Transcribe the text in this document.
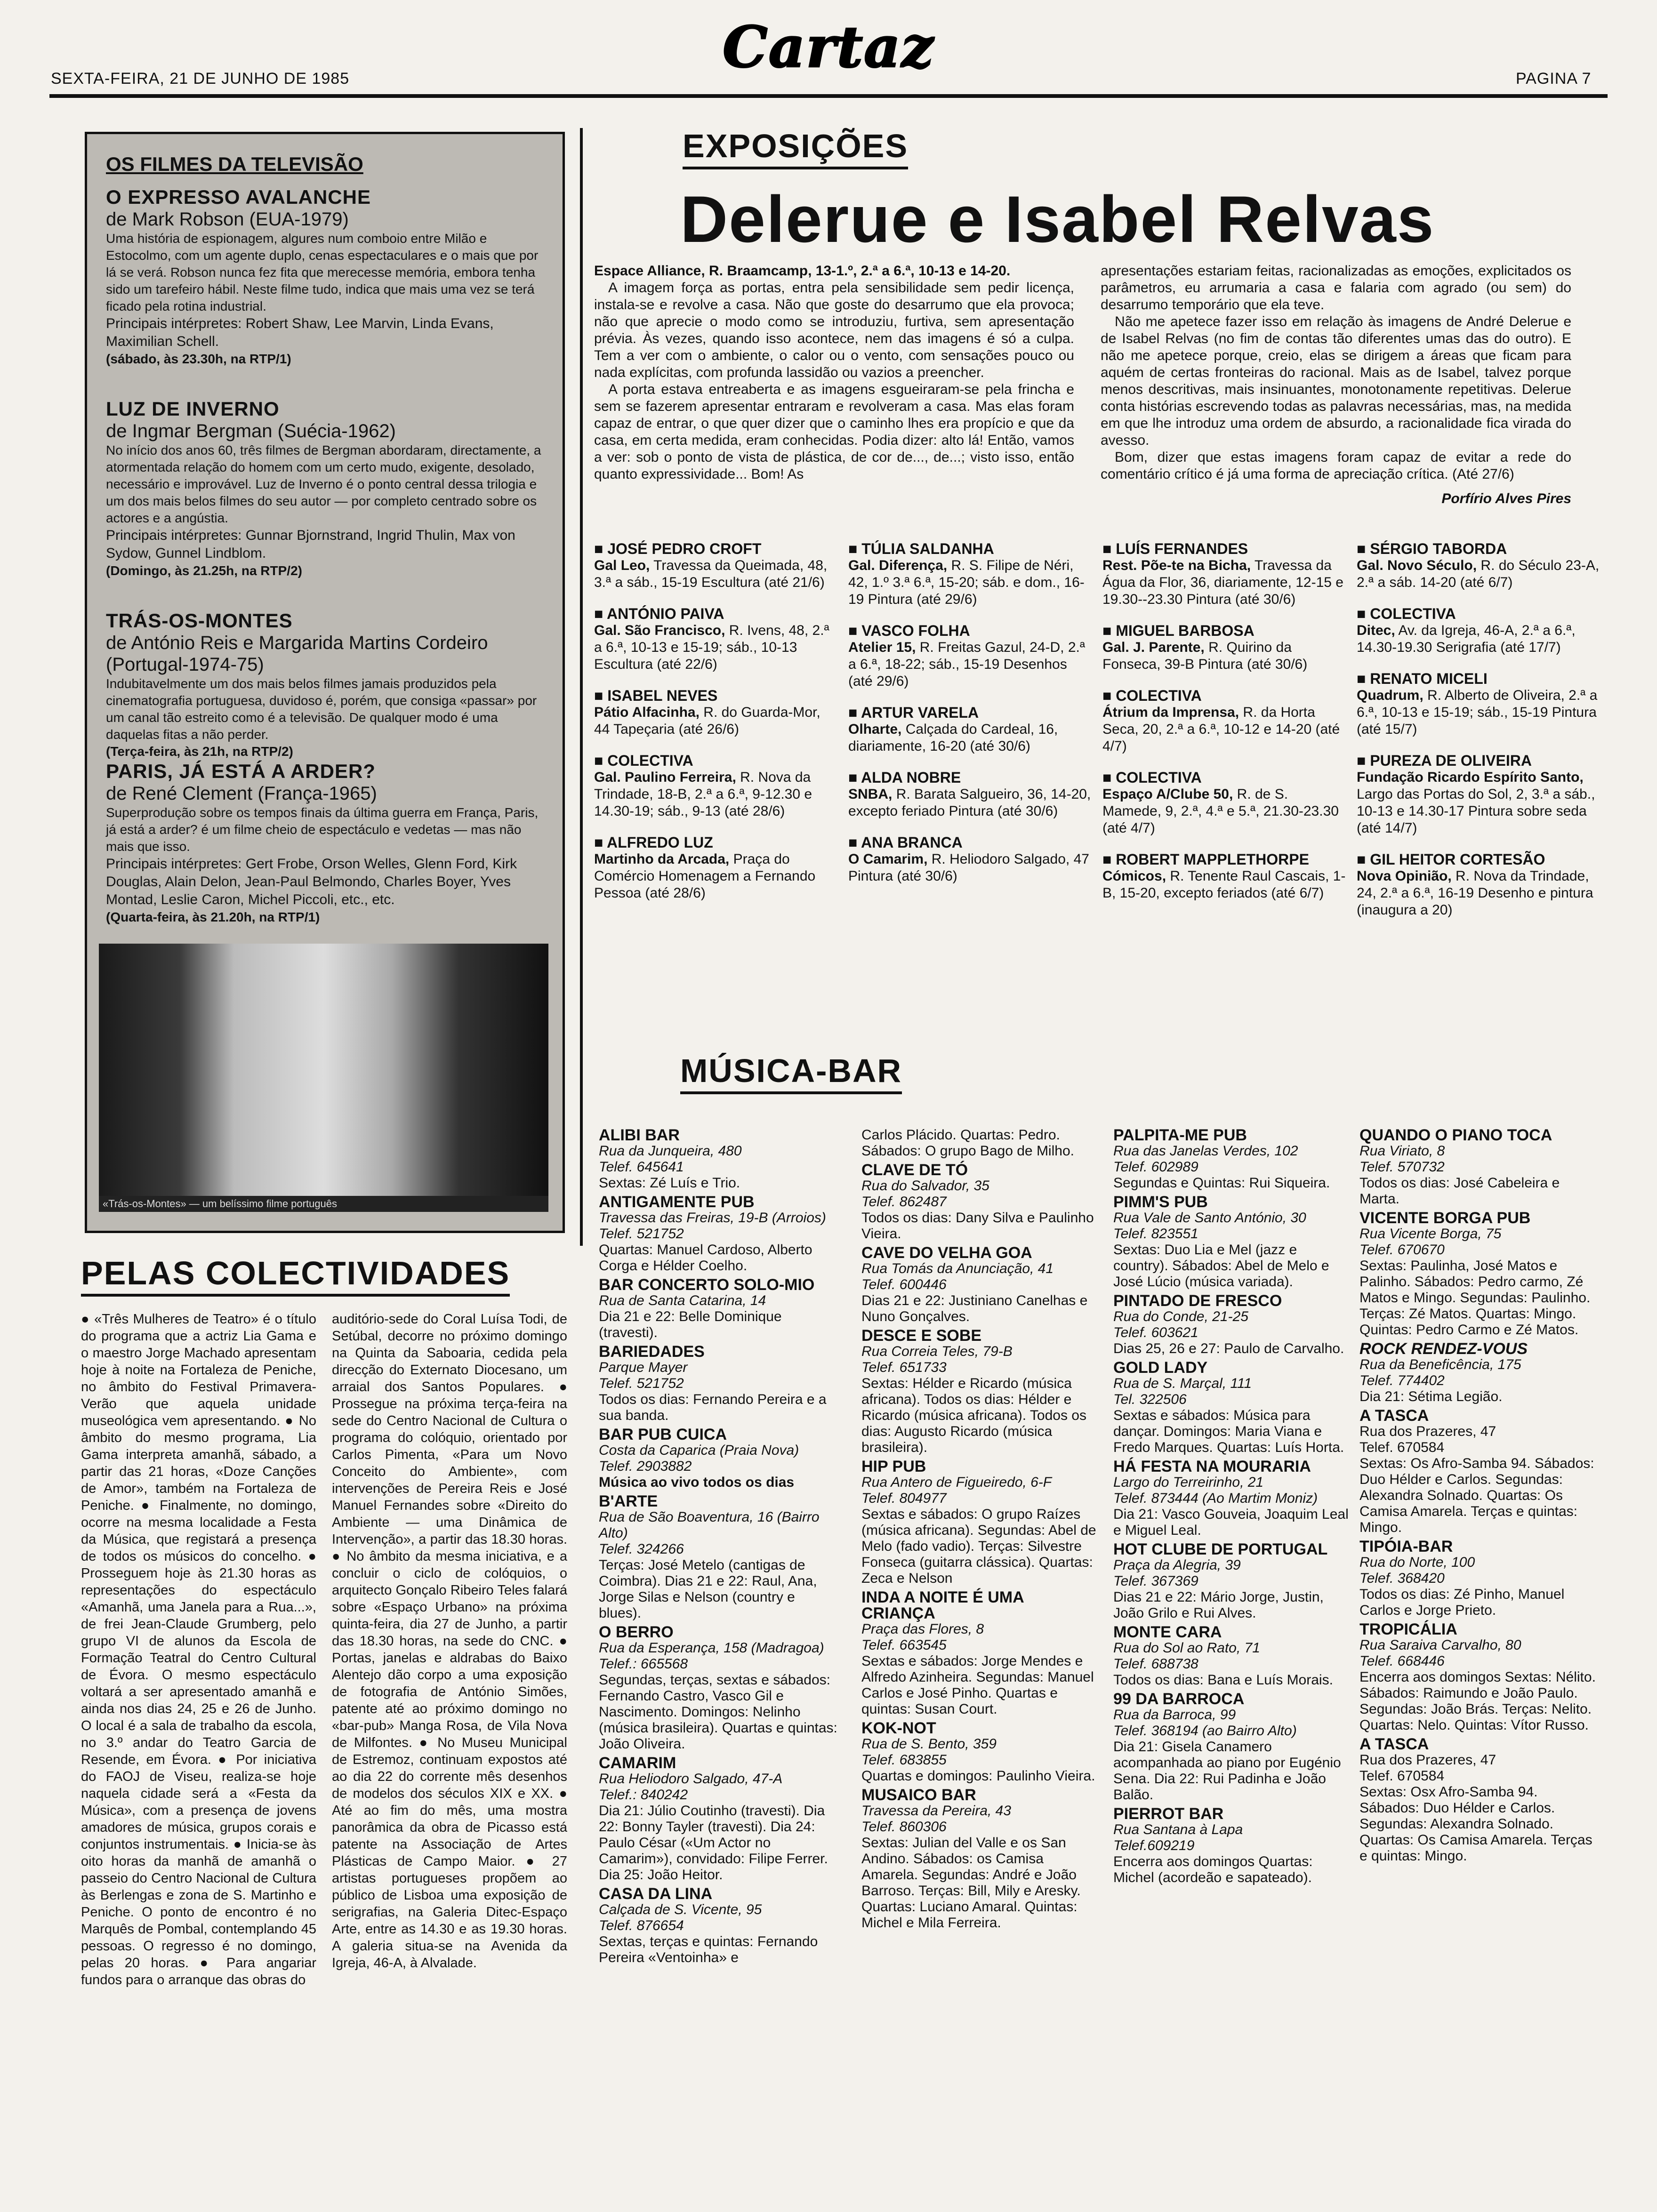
SEXTA-FEIRA, 21 DE JUNHO DE 1985	Cartaz	PAGINA 7
OS FILMES DA TELEVISÃO
O EXPRESSO AVALANCHE
de Mark Robson (EUA-1979)

Uma história de espionagem, algures num comboio entre Milão e Estocolmo, com um agente duplo, cenas espectaculares e o mais que por lá se verá. Robson nunca fez fita que merecesse memória, embora tenha sido um tarefeiro hábil. Neste filme tudo, indica que mais uma vez se terá ficado pela rotina industrial.

Principais intérpretes: Robert Shaw, Lee Marvin, Linda Evans, Maximilian Schell.

(sábado, às 23.30h, na RTP/1)

LUZ DE INVERNO
de Ingmar Bergman (Suécia-1962)

No início dos anos 60, três filmes de Bergman abordaram, directamente, a atormentada relação do homem com um certo mudo, exigente, desolado, necessário e improvável. Luz de Inverno é o ponto central dessa trilogia e um dos mais belos filmes do seu autor — por completo centrado sobre os actores e a angústia.

Principais intérpretes: Gunnar Bjornstrand, Ingrid Thulin, Max von Sydow, Gunnel Lindblom.

(Domingo, às 21.25h, na RTP/2)

TRÁS-OS-MONTES
de António Reis e Margarida Martins Cordeiro (Portugal-1974-75)

Indubitavelmente um dos mais belos filmes jamais produzidos pela cinematografia portuguesa, duvidoso é, porém, que consiga «passar» por um canal tão estreito como é a televisão. De qualquer modo é uma daquelas fitas a não perder.

(Terça-feira, às 21h, na RTP/2)

PARIS, JÁ ESTÁ A ARDER?
de René Clement (França-1965)

Superprodução sobre os tempos finais da última guerra em França, Paris, já está a arder? é um filme cheio de espectáculo e vedetas — mas não mais que isso.

Principais intérpretes: Gert Frobe, Orson Welles, Glenn Ford, Kirk Douglas, Alain Delon, Jean-Paul Belmondo, Charles Boyer, Yves Montad, Leslie Caron, Michel Piccoli, etc., etc.

(Quarta-feira, às 21.20h, na RTP/1)

«Trás-os-Montes» — um belíssimo filme português
EXPOSIÇÕES
Delerue e Isabel Relvas

Espace Alliance, R. Braamcamp, 13-1.º, 2.ª a 6.ª, 10-13 e 14-20.

A imagem força as portas, entra pela sensibilidade sem pedir licença, instala-se e revolve a casa. Não que goste do desarrumo que ela provoca; não que aprecie o modo como se introduziu, furtiva, sem apresentação prévia. Às vezes, quando isso acontece, nem das imagens é só a culpa. Tem a ver com o ambiente, o calor ou o vento, com sensações pouco ou nada explícitas, com profunda lassidão ou vazios a preencher.

A porta estava entreaberta e as imagens esgueiraram-se pela frincha e sem se fazerem apresentar entraram e revolveram a casa. Mas elas foram capaz de entrar, o que quer dizer que o caminho lhes era propício e que da casa, em certa medida, eram conhecidas. Podia dizer: alto lá! Então, vamos a ver: sob o ponto de vista de plástica, de cor de..., de...; visto isso, então quanto expressividade... Bom! As

apresentações estariam feitas, racionalizadas as emoções, explicitados os parâmetros, eu arrumaria a casa e falaria com agrado (ou sem) do desarrumo temporário que ela teve.

Não me apetece fazer isso em relação às imagens de André Delerue e de Isabel Relvas (no fim de contas tão diferentes umas das do outro). E não me apetece porque, creio, elas se dirigem a áreas que ficam para aquém de certas fronteiras do racional. Mais as de Isabel, talvez porque menos descritivas, mais insinuantes, monotonamente repetitivas. Delerue conta histórias escrevendo todas as palavras necessárias, mas, na medida em que lhe introduz uma ordem de absurdo, a racionalidade fica virada do avesso.

Bom, dizer que estas imagens foram capaz de evitar a rede do comentário crítico é já uma forma de apreciação crítica. (Até 27/6)

Porfírio Alves Pires

■ JOSÉ PEDRO CROFT
Gal Leo, Travessa da Queimada, 48, 3.ª a sáb., 15-19 Escultura (até 21/6)
■ ANTÓNIO PAIVA
Gal. São Francisco, R. Ivens, 48, 2.ª a 6.ª, 10-13 e 15-19; sáb., 10-13 Escultura (até 22/6)
■ ISABEL NEVES
Pátio Alfacinha, R. do Guarda-Mor, 44 Tapeçaria (até 26/6)
■ COLECTIVA
Gal. Paulino Ferreira, R. Nova da Trindade, 18-B, 2.ª a 6.ª, 9-12.30 e 14.30-19; sáb., 9-13 (até 28/6)
■ ALFREDO LUZ
Martinho da Arcada, Praça do Comércio Homenagem a Fernando Pessoa (até 28/6)
■ TÚLIA SALDANHA
Gal. Diferença, R. S. Filipe de Néri, 42, 1.º 3.ª 6.ª, 15-20; sáb. e dom., 16-19 Pintura (até 29/6)
■ VASCO FOLHA
Atelier 15, R. Freitas Gazul, 24-D, 2.ª a 6.ª, 18-22; sáb., 15-19 Desenhos (até 29/6)
■ ARTUR VARELA
Olharte, Calçada do Cardeal, 16, diariamente, 16-20 (até 30/6)
■ ALDA NOBRE
SNBA, R. Barata Salgueiro, 36, 14-20, excepto feriado Pintura (até 30/6)
■ ANA BRANCA
O Camarim, R. Heliodoro Salgado, 47 Pintura (até 30/6)
■ LUÍS FERNANDES
Rest. Põe-te na Bicha, Travessa da Água da Flor, 36, diariamente, 12-15 e 19.30--23.30 Pintura (até 30/6)
■ MIGUEL BARBOSA
Gal. J. Parente, R. Quirino da Fonseca, 39-B Pintura (até 30/6)
■ COLECTIVA
Átrium da Imprensa, R. da Horta Seca, 20, 2.ª a 6.ª, 10-12 e 14-20 (até 4/7)
■ COLECTIVA
Espaço A/Clube 50, R. de S. Mamede, 9, 2.ª, 4.ª e 5.ª, 21.30-23.30 (até 4/7)
■ ROBERT MAPPLETHORPE
Cómicos, R. Tenente Raul Cascais, 1-B, 15-20, excepto feriados (até 6/7)
■ SÉRGIO TABORDA
Gal. Novo Século, R. do Século 23-A, 2.ª a sáb. 14-20 (até 6/7)
■ COLECTIVA
Ditec, Av. da Igreja, 46-A, 2.ª a 6.ª, 14.30-19.30 Serigrafia (até 17/7)
■ RENATO MICELI
Quadrum, R. Alberto de Oliveira, 2.ª a 6.ª, 10-13 e 15-19; sáb., 15-19 Pintura (até 15/7)
■ PUREZA DE OLIVEIRA
Fundação Ricardo Espírito Santo, Largo das Portas do Sol, 2, 3.ª a sáb., 10-13 e 14.30-17 Pintura sobre seda (até 14/7)
■ GIL HEITOR CORTESÃO
Nova Opinião, R. Nova da Trindade, 24, 2.ª a 6.ª, 16-19 Desenho e pintura (inaugura a 20)
MÚSICA-BAR
ALIBI BAR
Rua da Junqueira, 480
Telef. 645641
Sextas: Zé Luís e Trio.
ANTIGAMENTE PUB
Travessa das Freiras, 19-B (Arroios)
Telef. 521752
Quartas: Manuel Cardoso, Alberto Corga e Hélder Coelho.
BAR CONCERTO SOLO-MIO
Rua de Santa Catarina, 14
Dia 21 e 22: Belle Dominique (travesti).
BARIEDADES
Parque Mayer
Telef. 521752
Todos os dias: Fernando Pereira e a sua banda.
BAR PUB CUICA
Costa da Caparica (Praia Nova)
Telef. 2903882
Música ao vivo todos os dias
B'ARTE
Rua de São Boaventura, 16 (Bairro Alto)
Telef. 324266
Terças: José Metelo (cantigas de Coimbra). Dias 21 e 22: Raul, Ana, Jorge Silas e Nelson (country e blues).
O BERRO
Rua da Esperança, 158 (Madragoa)
Telef.: 665568
Segundas, terças, sextas e sábados: Fernando Castro, Vasco Gil e Nascimento. Domingos: Nelinho (música brasileira). Quartas e quintas: João Oliveira.
CAMARIM
Rua Heliodoro Salgado, 47-A
Telef.: 840242
Dia 21: Júlio Coutinho (travesti). Dia 22: Bonny Tayler (travesti). Dia 24: Paulo César («Um Actor no Camarim»), convidado: Filipe Ferrer. Dia 25: João Heitor.
CASA DA LINA
Calçada de S. Vicente, 95
Telef. 876654
Sextas, terças e quintas: Fernando Pereira «Ventoinha» e
Carlos Plácido. Quartas: Pedro. Sábados: O grupo Bago de Milho.
CLAVE DE TÓ
Rua do Salvador, 35
Telef. 862487
Todos os dias: Dany Silva e Paulinho Vieira.
CAVE DO VELHA GOA
Rua Tomás da Anunciação, 41
Telef. 600446
Dias 21 e 22: Justiniano Canelhas e Nuno Gonçalves.
DESCE E SOBE
Rua Correia Teles, 79-B
Telef. 651733
Sextas: Hélder e Ricardo (música africana). Todos os dias: Hélder e Ricardo (música africana). Todos os dias: Augusto Ricardo (música brasileira).
HIP PUB
Rua Antero de Figueiredo, 6-F
Telef. 804977
Sextas e sábados: O grupo Raízes (música africana). Segundas: Abel de Melo (fado vadio). Terças: Silvestre Fonseca (guitarra clássica). Quartas: Zeca e Nelson
INDA A NOITE É UMA CRIANÇA
Praça das Flores, 8
Telef. 663545
Sextas e sábados: Jorge Mendes e Alfredo Azinheira. Segundas: Manuel Carlos e José Pinho. Quartas e quintas: Susan Court.
KOK-NOT
Rua de S. Bento, 359
Telef. 683855
Quartas e domingos: Paulinho Vieira.
MUSAICO BAR
Travessa da Pereira, 43
Telef. 860306
Sextas: Julian del Valle e os San Andino. Sábados: os Camisa Amarela. Segundas: André e João Barroso. Terças: Bill, Mily e Aresky. Quartas: Luciano Amaral. Quintas: Michel e Mila Ferreira.
PALPITA-ME PUB
Rua das Janelas Verdes, 102
Telef. 602989
Segundas e Quintas: Rui Siqueira.
PIMM'S PUB
Rua Vale de Santo António, 30
Telef. 823551
Sextas: Duo Lia e Mel (jazz e country). Sábados: Abel de Melo e José Lúcio (música variada).
PINTADO DE FRESCO
Rua do Conde, 21-25
Telef. 603621
Dias 25, 26 e 27: Paulo de Carvalho.
GOLD LADY
Rua de S. Marçal, 111
Tel. 322506
Sextas e sábados: Música para dançar. Domingos: Maria Viana e Fredo Marques. Quartas: Luís Horta.
HÁ FESTA NA MOURARIA
Largo do Terreirinho, 21
Telef. 873444 (Ao Martim Moniz)
Dia 21: Vasco Gouveia, Joaquim Leal e Miguel Leal.
HOT CLUBE DE PORTUGAL
Praça da Alegria, 39
Telef. 367369
Dias 21 e 22: Mário Jorge, Justin, João Grilo e Rui Alves.
MONTE CARA
Rua do Sol ao Rato, 71
Telef. 688738
Todos os dias: Bana e Luís Morais.
99 DA BARROCA
Rua da Barroca, 99
Telef. 368194 (ao Bairro Alto)
Dia 21: Gisela Canamero acompanhada ao piano por Eugénio Sena. Dia 22: Rui Padinha e João Balão.
PIERROT BAR
Rua Santana à Lapa
Telef.609219
Encerra aos domingos Quartas: Michel (acordeão e sapateado).
QUANDO O PIANO TOCA
Rua Viriato, 8
Telef. 570732
Todos os dias: José Cabeleira e Marta.
VICENTE BORGA PUB
Rua Vicente Borga, 75
Telef. 670670
Sextas: Paulinha, José Matos e Palinho. Sábados: Pedro carmo, Zé Matos e Mingo. Segundas: Paulinho. Terças: Zé Matos. Quartas: Mingo. Quintas: Pedro Carmo e Zé Matos.
ROCK RENDEZ-VOUS
Rua da Beneficência, 175
Telef. 774402
Dia 21: Sétima Legião.
A TASCA
Rua dos Prazeres, 47
Telef. 670584
Sextas: Os Afro-Samba 94. Sábados: Duo Hélder e Carlos. Segundas: Alexandra Solnado. Quartas: Os Camisa Amarela. Terças e quintas: Mingo.
TIPÓIA-BAR
Rua do Norte, 100
Telef. 368420
Todos os dias: Zé Pinho, Manuel Carlos e Jorge Prieto.
TROPICÁLIA
Rua Saraiva Carvalho, 80
Telef. 668446
Encerra aos domingos Sextas: Nélito. Sábados: Raimundo e João Paulo. Segundas: João Brás. Terças: Nelito. Quartas: Nelo. Quintas: Vítor Russo.
A TASCA
Rua dos Prazeres, 47
Telef. 670584
Sextas: Osx Afro-Samba 94. Sábados: Duo Hélder e Carlos. Segundas: Alexandra Solnado. Quartas: Os Camisa Amarela. Terças e quintas: Mingo.
PELAS COLECTIVIDADES
● «Três Mulheres de Teatro» é o título do programa que a actriz Lia Gama e o maestro Jorge Machado apresentam hoje à noite na Fortaleza de Peniche, no âmbito do Festival Primavera-Verão que aquela unidade museológica vem apresentando. ● No âmbito do mesmo programa, Lia Gama interpreta amanhã, sábado, a partir das 21 horas, «Doze Canções de Amor», também na Fortaleza de Peniche. ● Finalmente, no domingo, ocorre na mesma localidade a Festa da Música, que registará a presença de todos os músicos do concelho. ● Prosseguem hoje às 21.30 horas as representações do espectáculo «Amanhã, uma Janela para a Rua...», de frei Jean-Claude Grumberg, pelo grupo VI de alunos da Escola de Formação Teatral do Centro Cultural de Évora. O mesmo espectáculo voltará a ser apresentado amanhã e ainda nos dias 24, 25 e 26 de Junho. O local é a sala de trabalho da escola, no 3.º andar do Teatro Garcia de Resende, em Évora. ● Por iniciativa do FAOJ de Viseu, realiza-se hoje naquela cidade será a «Festa da Música», com a presença de jovens amadores de música, grupos corais e conjuntos instrumentais. ● Inicia-se às oito horas da manhã de amanhã o passeio do Centro Nacional de Cultura às Berlengas e zona de S. Martinho e Peniche. O ponto de encontro é no Marquês de Pombal, contemplando 45 pessoas. O regresso é no domingo, pelas 20 horas. ● Para angariar fundos para o arranque das obras do
auditório-sede do Coral Luísa Todi, de Setúbal, decorre no próximo domingo na Quinta da Saboaria, cedida pela direcção do Externato Diocesano, um arraial dos Santos Populares. ● Prossegue na próxima terça-feira na sede do Centro Nacional de Cultura o programa do colóquio, orientado por Carlos Pimenta, «Para um Novo Conceito do Ambiente», com intervenções de Pereira Reis e José Manuel Fernandes sobre «Direito do Ambiente — uma Dinâmica de Intervenção», a partir das 18.30 horas. ● No âmbito da mesma iniciativa, e a concluir o ciclo de colóquios, o arquitecto Gonçalo Ribeiro Teles falará sobre «Espaço Urbano» na próxima quinta-feira, dia 27 de Junho, a partir das 18.30 horas, na sede do CNC. ● Portas, janelas e aldrabas do Baixo Alentejo dão corpo a uma exposição de fotografia de António Simões, patente até ao próximo domingo no «bar-pub» Manga Rosa, de Vila Nova de Milfontes. ● No Museu Municipal de Estremoz, continuam expostos até ao dia 22 do corrente mês desenhos de modelos dos séculos XIX e XX. ● Até ao fim do mês, uma mostra panorâmica da obra de Picasso está patente na Associação de Artes Plásticas de Campo Maior. ● 27 artistas portugueses propõem ao público de Lisboa uma exposição de serigrafias, na Galeria Ditec-Espaço Arte, entre as 14.30 e as 19.30 horas. A galeria situa-se na Avenida da Igreja, 46-A, à Alvalade.
